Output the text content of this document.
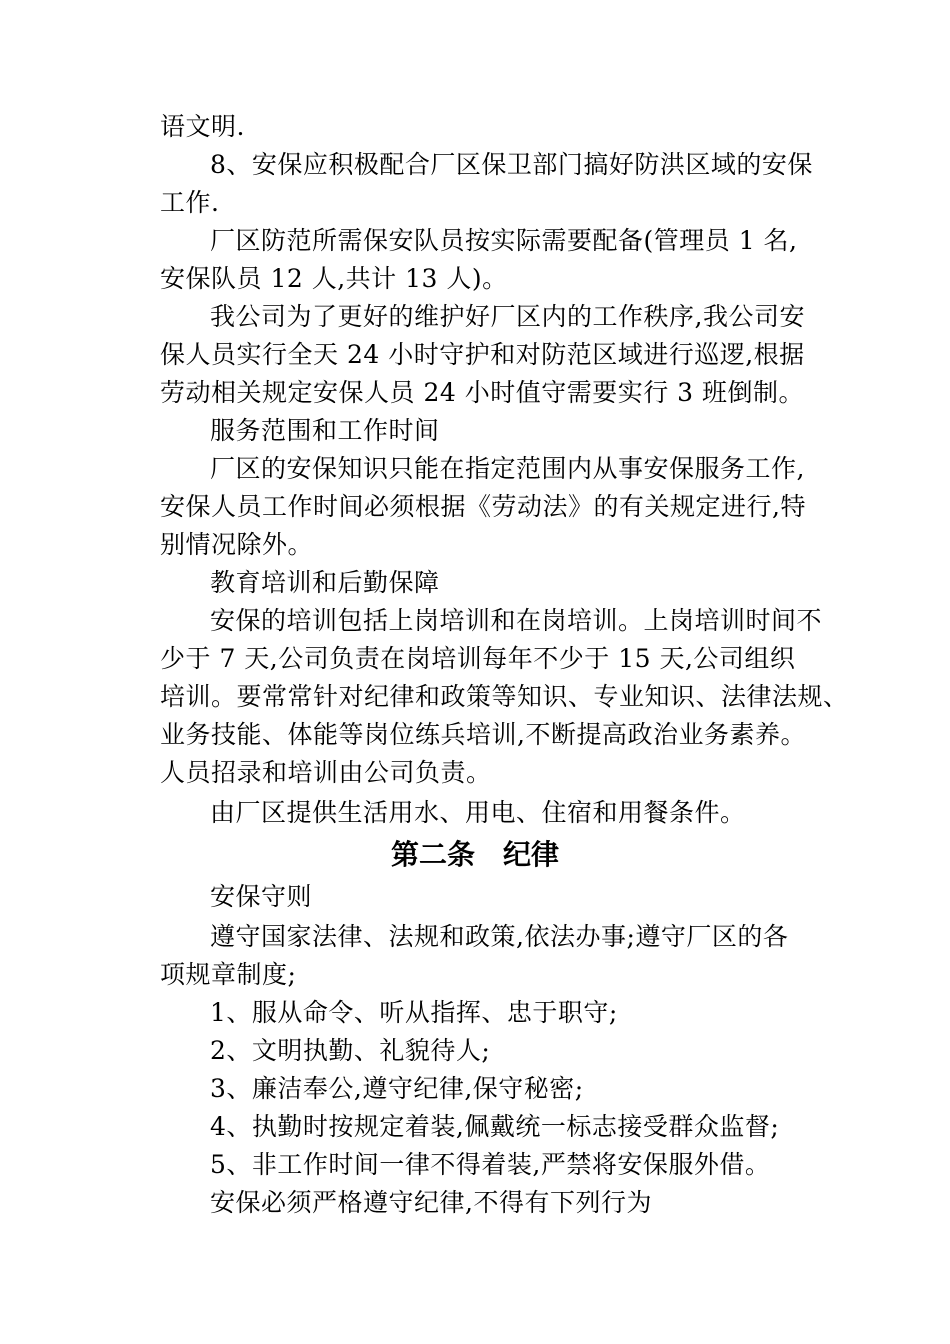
语文明.
8、安保应积极配合厂区保卫部门搞好防洪区域的安保
工作.
厂区防范所需保安队员按实际需要配备(管理员 1 名,
安保队员 12 人,共计 13 人)。
我公司为了更好的维护好厂区内的工作秩序,我公司安
保人员实行全天 24 小时守护和对防范区域进行巡逻,根据
劳动相关规定安保人员 24 小时值守需要实行 3 班倒制。
服务范围和工作时间
厂区的安保知识只能在指定范围内从事安保服务工作,
安保人员工作时间必须根据《劳动法》的有关规定进行,特
别情况除外。
教育培训和后勤保障
安保的培训包括上岗培训和在岗培训。上岗培训时间不
少于 7 天,公司负责在岗培训每年不少于 15 天,公司组织
培训。要常常针对纪律和政策等知识、专业知识、法律法规、
业务技能、体能等岗位练兵培训,不断提高政治业务素养。
人员招录和培训由公司负责。
由厂区提供生活用水、用电、住宿和用餐条件。
第二条　纪律
安保守则
遵守国家法律、法规和政策,依法办事;遵守厂区的各
项规章制度;
1、服从命令、听从指挥、忠于职守;
2、文明执勤、礼貌待人;
3、廉洁奉公,遵守纪律,保守秘密;
4、执勤时按规定着装,佩戴统一标志接受群众监督;
5、非工作时间一律不得着装,严禁将安保服外借。
安保必须严格遵守纪律,不得有下列行为
